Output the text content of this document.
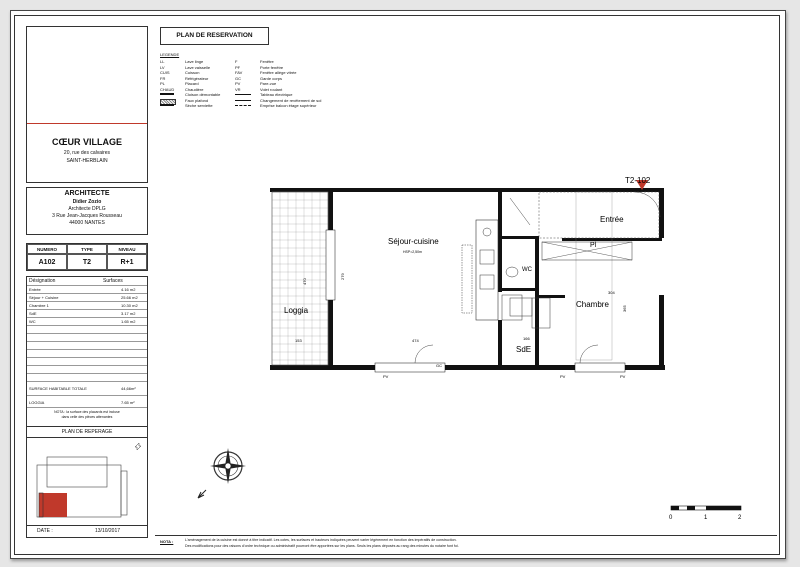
CŒUR VILLAGE
20, rue des calvaires
SAINT-HERBLAIN
ARCHITECTE
Didier Zozio
Architecte DPLG
3 Rue Jean-Jacques Rousseau
44000 NANTES
NUMERO	TYPE	NIVEAU
A102	T2	R+1
Désignation	Surfaces
Entrée	4.16 m2
Séjour + Cuisine	25.66 m2
Chambre 1	10.30 m2
SdE	3.17 m2
WC	1.65 m2
SURFACE HABITABLE TOTALE	44,66m²
LOGGIA	7.65 m²
NOTA : la surface des placards est incluse
dans celle des pièces attenantes
PLAN DE REPERAGE
DATE :	13/10/2017
PLAN DE RESERVATION
LEGENDE
LL	Lave linge
LV	Lave vaisselle
CUIS	Cuisson
FR	Réfrigérateur
PL	Placard
CHAUD	Chaudière
F	Fenêtre
PF	Porte fenêtre
FAV	Fenêtre allège vitrée
GC	Garde corps
PV	Pare-vue
VR	Volet roulant
Cloison démontable
Faux plafond
Sèche serviette
Tableau électrique
Changement de revêtement de sol
Emprise balcon étage supérieur
T2-102
Séjour-cuisine
HSP=2,50m
Entrée
Chambre
Loggia
SdE
WC
Pl
474
304
166
153
279
365
470
GC
PV	PV	PV
0	1	2
NOTA :	L'aménagement de la cuisine est donné à titre indicatif. Les cotes, les surfaces et hauteurs indiquées peuvent varier légèrement en fonction des impératifs de construction.
Des modifications pour des raisons d'ordre technique ou administratif pourront être apportées sur les plans. Seuls les plans déposés au rang des minutes du notaire font foi.
